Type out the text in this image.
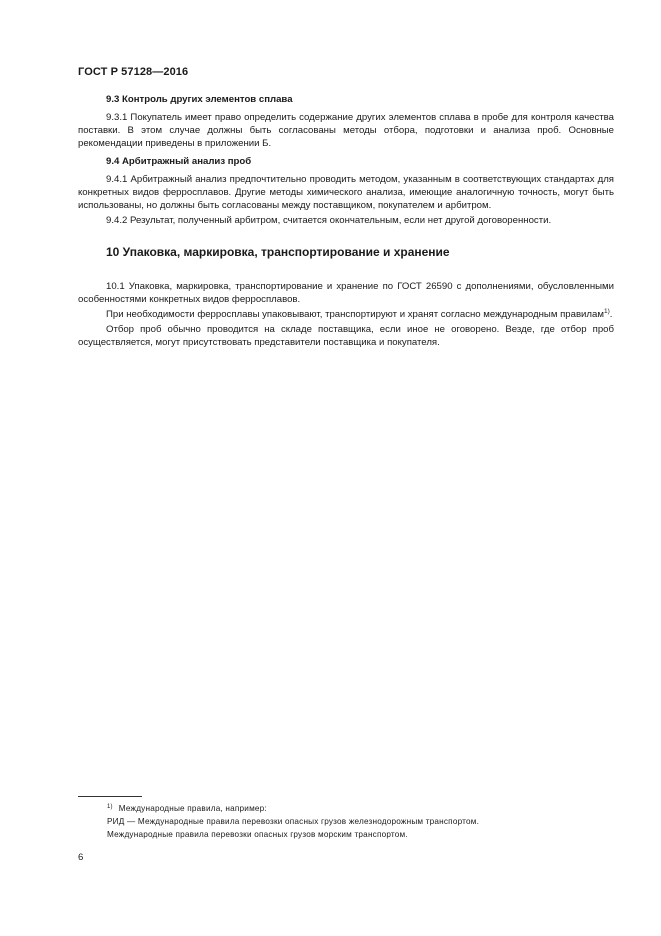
ГОСТ Р 57128—2016

9.3 Контроль других элементов сплава

9.3.1 Покупатель имеет право определить содержание других элементов сплава в пробе для контроля качества поставки. В этом случае должны быть согласованы методы отбора, подготовки и анализа проб. Основные рекомендации приведены в приложении Б.

9.4 Арбитражный анализ проб

9.4.1 Арбитражный анализ предпочтительно проводить методом, указанным в соответствующих стандартах для конкретных видов ферросплавов. Другие методы химического анализа, имеющие аналогичную точность, могут быть использованы, но должны быть согласованы между поставщиком, покупателем и арбитром.

9.4.2 Результат, полученный арбитром, считается окончательным, если нет другой договоренности.

10 Упаковка, маркировка, транспортирование и хранение

10.1 Упаковка, маркировка, транспортирование и хранение по ГОСТ 26590 с дополнениями, обусловленными особенностями конкретных видов ферросплавов.

При необходимости ферросплавы упаковывают, транспортируют и хранят согласно международным правилам$^{1)}$.

Отбор проб обычно проводится на складе поставщика, если иное не оговорено. Везде, где отбор проб осуществляется, могут присутствовать представители поставщика и покупателя.

$^{1)}$ Международные правила, например:

РИД — Международные правила перевозки опасных грузов железнодорожным транспортом.

Международные правила перевозки опасных грузов морским транспортом.

6
